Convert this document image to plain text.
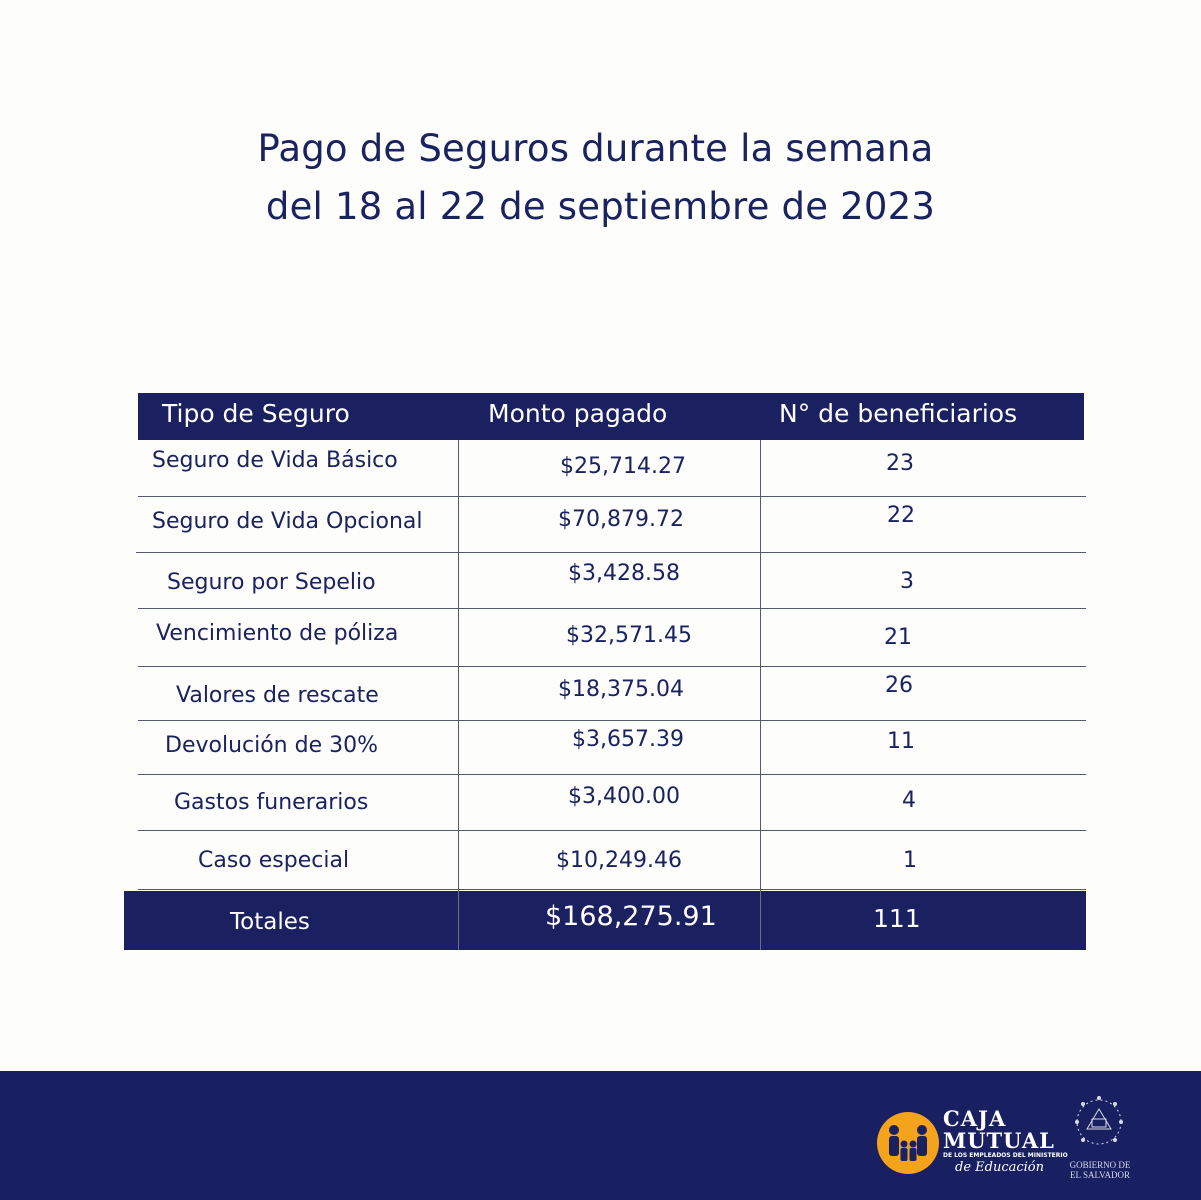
Pago de Seguros durante la semana
del 18 al 22 de septiembre de 2023
Tipo de Seguro	Monto pagado	N° de beneficiarios
Seguro de Vida Básico	$25,714.27	23
Seguro de Vida Opcional	$70,879.72	22
Seguro por Sepelio	$3,428.58	3
Vencimiento de póliza	$32,571.45	21
Valores de rescate	$18,375.04	26
Devolución de 30%	$3,657.39	11
Gastos funerarios	$3,400.00	4
Caso especial	$10,249.46	1
Totales	$168,275.91	111
CAJA
MUTUAL
DE LOS EMPLEADOS DEL MINISTERIO
de Educación	GOBIERNO DE
EL SALVADOR
